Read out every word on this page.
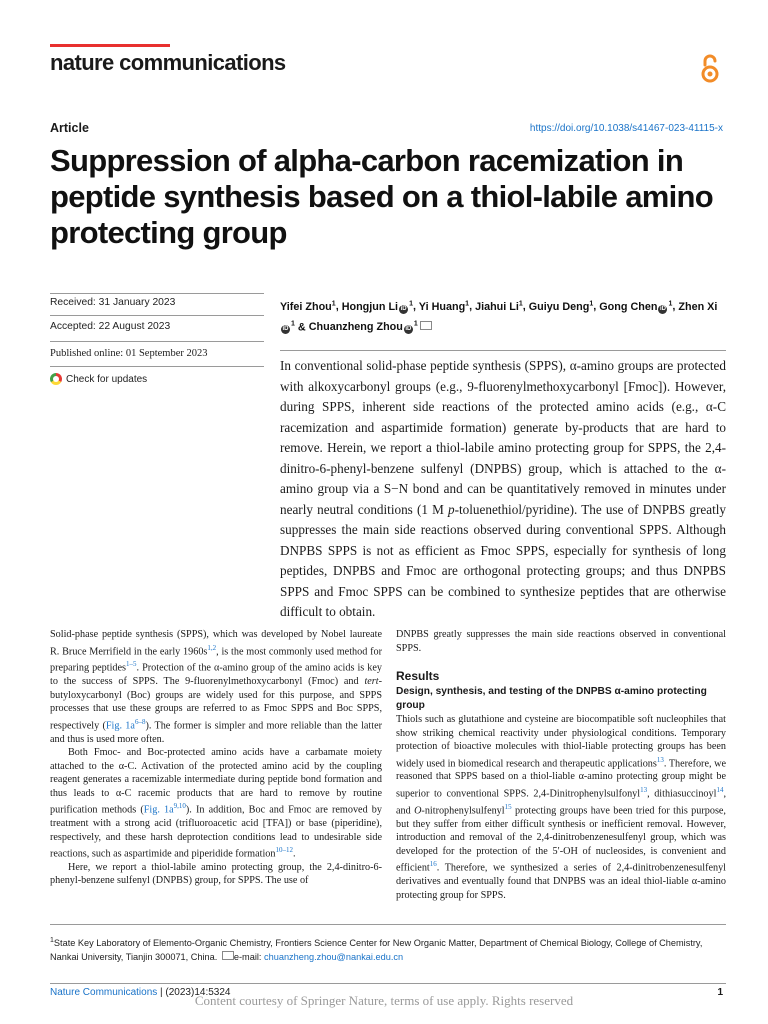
nature communications
Article	https://doi.org/10.1038/s41467-023-41115-x
Suppression of alpha-carbon racemization in peptide synthesis based on a thiol-labile amino protecting group
Received: 31 January 2023
Accepted: 22 August 2023
Published online: 01 September 2023
Check for updates
Yifei Zhou$^1$, Hongjun Li $iD^1$, Yi Huang$^1$, Jiahui Li$^1$, Guiyu Deng$^1$, Gong Chen $iD^1$, Zhen XiiD$^1$ & Chuanzheng Zhou $iD^1$
In conventional solid-phase peptide synthesis (SPPS), α-amino groups are protected with alkoxycarbonyl groups (e.g., 9-fluorenylmethoxycarbonyl [Fmoc]). However, during SPPS, inherent side reactions of the protected amino acids (e.g., α-C racemization and aspartimide formation) generate by-products that are hard to remove. Herein, we report a thiol-labile amino protecting group for SPPS, the 2,4-dinitro-6-phenyl-benzene sulfenyl (DNPBS) group, which is attached to the α-amino group via a S−N bond and can be quantitatively removed in minutes under nearly neutral conditions (1 M p-toluenethiol/pyridine). The use of DNPBS greatly suppresses the main side reactions observed during conventional SPPS. Although DNPBS SPPS is not as efficient as Fmoc SPPS, especially for synthesis of long peptides, DNPBS and Fmoc are orthogonal protecting groups; and thus DNPBS SPPS and Fmoc SPPS can be combined to synthesize peptides that are otherwise difficult to obtain.

Solid-phase peptide synthesis (SPPS), which was developed by Nobel laureate R. Bruce Merrifield in the early 1960s$^{1,2}$, is the most commonly used method for preparing peptides$^{1-5}$. Protection of the α-amino group of the amino acids is key to the success of SPPS. The 9-fluorenylmethoxycarbonyl (Fmoc) and tert-butyloxycarbonyl (Boc) groups are widely used for this purpose, and SPPS processes that use these groups are referred to as Fmoc SPPS and Boc SPPS, respectively (Fig. 1a$^{6-8}$). The former is simpler and more reliable than the latter and thus is used more often.

Both Fmoc- and Boc-protected amino acids have a carbamate moiety attached to the α-C. Activation of the protected amino acid by the coupling reagent generates a racemizable intermediate during peptide bond formation and thus leads to α-C racemic products that are hard to remove by routine purification methods (Fig. 1a$^{9,10}$). In addition, Boc and Fmoc are removed by treatment with a strong acid (trifluoroacetic acid [TFA]) or base (piperidine), respectively, and these harsh deprotection conditions lead to undesirable side reactions, such as aspartimide and piperidide formation$^{10-12}$.

Here, we report a thiol-labile amino protecting group, the 2,4-dinitro-6-phenyl-benzene sulfenyl (DNPBS) group, for SPPS. The use of

DNPBS greatly suppresses the main side reactions observed in conventional SPPS.

Results
Design, synthesis, and testing of the DNPBS α-amino protecting group

Thiols such as glutathione and cysteine are biocompatible soft nucleophiles that show striking chemical reactivity under physiological conditions. Temporary protection of bioactive molecules with thiol-liable protecting groups has been widely used in biomedical research and therapeutic applications$^{13}$. Therefore, we reasoned that SPPS based on a thiol-liable α-amino protecting group might be superior to conventional SPPS. 2,4-Dinitrophenylsulfonyl$^{13}$, dithiasuccinoyl$^{14}$, and O-nitrophenylsulfenyl$^{15}$ protecting groups have been tried for this purpose, but they suffer from either difficult synthesis or inefficient removal. However, introduction and removal of the 2,4-dinitrobenzenesulfenyl group, which was developed for the protection of the 5′-OH of nucleosides, is convenient and efficient$^{16}$. Therefore, we synthesized a series of 2,4-dinitrobenzenesulfenyl derivatives and eventually found that DNPBS was an ideal thiol-liable α-amino protecting group for SPPS.

$^1$State Key Laboratory of Elemento-Organic Chemistry, Frontiers Science Center for New Organic Matter, Department of Chemical Biology, College of Chemistry, Nankai University, Tianjin 300071, China. e-mail: chuanzheng.zhou@nankai.edu.cn
Nature Communications | (2023)14:5324	1
Content courtesy of Springer Nature, terms of use apply. Rights reserved
